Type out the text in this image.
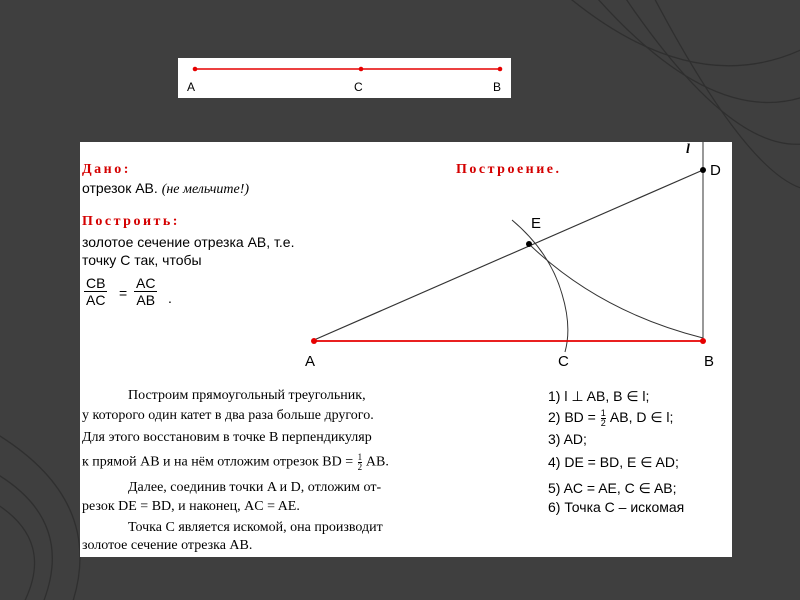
A	C	B
l
D
E
A	C	B
Дано:
отрезок AB. (не мельчите!)
Построение.
Построить:
золотое сечение отрезка AB, т.е.
точку C так, чтобы
$\frac{CB}{AC} = \frac{AC}{AB}$ .
Построим прямоугольный треугольник,
у которого один катет в два раза больше другого.
Для этого восстановим в точке B перпендикуляр
к прямой AB и на нём отложим отрезок BD = $\frac{1}{2}$ AB.
Далее, соединив точки A и D, отложим от-
резок DE = BD, и наконец, AC = AE.
Точка C является искомой, она производит
золотое сечение отрезка AB.
1) l ⊥ AB, B ∈ l;
2) BD = $\frac{1}{2}$ AB, D ∈ l;
3) AD;
4) DE = BD, E ∈ AD;
5) AC = AE, C ∈ AB;
6) Точка C – искомая
